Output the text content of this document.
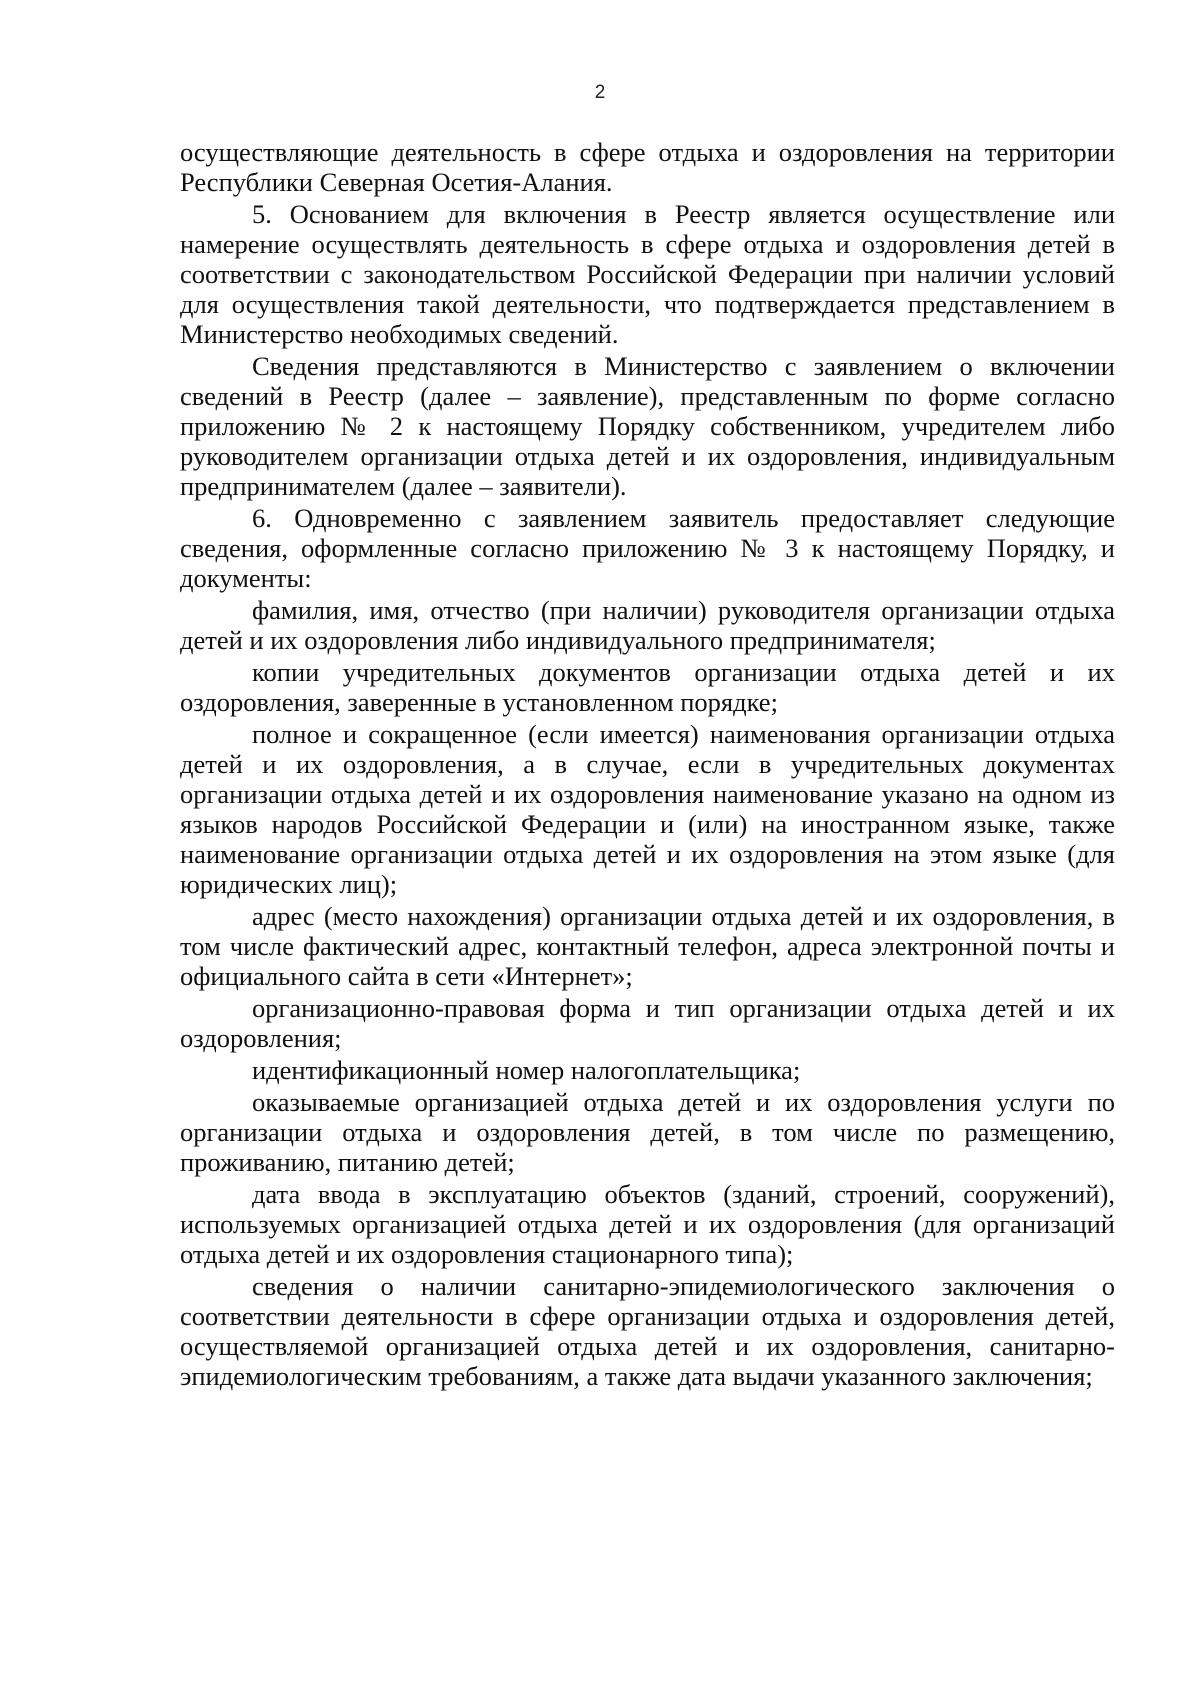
2

осуществляющие деятельность в сфере отдыха и оздоровления на территории Республики Северная Осетия-Алания.

5. Основанием для включения в Реестр является осуществление или намерение осуществлять деятельность в сфере отдыха и оздоровления детей в соответствии с законодательством Российской Федерации при наличии условий для осуществления такой деятельности, что подтверждается представлением в Министерство необходимых сведений.

Сведения представляются в Министерство с заявлением о включении сведений в Реестр (далее – заявление), представленным по форме согласно приложению № 2 к настоящему Порядку собственником, учредителем либо руководителем организации отдыха детей и их оздоровления, индивидуальным предпринимателем (далее – заявители).

6. Одновременно с заявлением заявитель предоставляет следующие сведения, оформленные согласно приложению № 3 к настоящему Порядку, и документы:

фамилия, имя, отчество (при наличии) руководителя организации отдыха детей и их оздоровления либо индивидуального предпринимателя;

копии учредительных документов организации отдыха детей и их оздоровления, заверенные в установленном порядке;

полное и сокращенное (если имеется) наименования организации отдыха детей и их оздоровления, а в случае, если в учредительных документах организации отдыха детей и их оздоровления наименование указано на одном из языков народов Российской Федерации и (или) на иностранном языке, также наименование организации отдыха детей и их оздоровления на этом языке (для юридических лиц);

адрес (место нахождения) организации отдыха детей и их оздоровления, в том числе фактический адрес, контактный телефон, адреса электронной почты и официального сайта в сети «Интернет»;

организационно-правовая форма и тип организации отдыха детей и их оздоровления;

идентификационный номер налогоплательщика;

оказываемые организацией отдыха детей и их оздоровления услуги по организации отдыха и оздоровления детей, в том числе по размещению, проживанию, питанию детей;

дата ввода в эксплуатацию объектов (зданий, строений, сооружений), используемых организацией отдыха детей и их оздоровления (для организаций отдыха детей и их оздоровления стационарного типа);

сведения о наличии санитарно-эпидемиологического заключения о соответствии деятельности в сфере организации отдыха и оздоровления детей, осуществляемой организацией отдыха детей и их оздоровления, санитарно-эпидемиологическим требованиям, а также дата выдачи указанного заключения;
